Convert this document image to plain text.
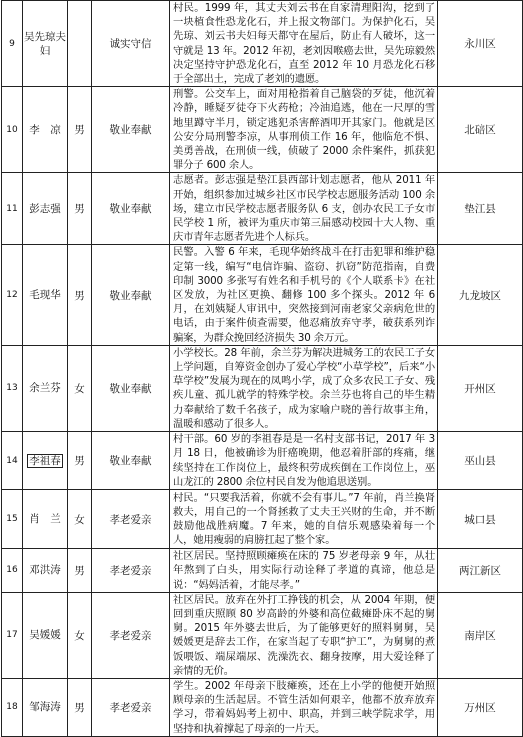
9	吴先琼夫妇		诚实守信	村民。1999 年，其丈夫刘云书在自家清理阳沟，挖到了一块植食性恐龙化石，并上报文物部门。为保护化石，吴先琼、刘云书夫妇每天都守在屋后，防止有人破坏，这一守就是 13 年。2012 年初，老刘因喉癌去世，吴先琼毅然决定坚持守护恐龙化石，直至 2012 年 10 月恐龙化石移于全部出土，完成了老刘的遗愿。	永川区
10	李　凉	男	敬业奉献	刑警。公交车上，面对用枪指着自己脑袋的歹徒，他沉着冷静，睡疑歹徒夺下火药枪；冷油追逃，他在一尺厚的雪地里蹲守半月，锁定逃犯杀害醉酒叩开其家门。他就是区公安分局刑警李凉，从事刑侦工作 16 年，他临危不惧、美勇善战，在刑侦一线，侦破了 2000 余件案件，抓获犯罪分子 600 余人。	北碚区
11	彭志强	男	敬业奉献	志愿者。彭志强是垫江县西部计划志愿者，他从 2011 年开始，组织参加过城乡社区市民学校志愿服务活动 100 余场，建立市民学校志愿者服务队 6 支，创办农民工子女市民学校 1 所，被评为重庆市第三届感动校园十大人物、重庆市青年志愿者先进个人标兵。	垫江县
12	毛现华	男	敬业奉献	民警。入警 6 年来，毛现华始终战斗在打击犯罪和维护稳定第一线，编写“电信诈骗、盗窃、扒窃”防范指南，自费印制 3000 多张写有姓名和手机号的《个人联系卡》在社区发放，为社区更换、翻修 100 多个探头。2012 年 6 月，在刘姨疑人审讯中，突然接到河南老家父亲病危世的电话，由于案件侦查需要，他忍痛放弃守孝，破获系列诈骗案，为群众挽回经济损失 30 余万元。	九龙坡区
13	余兰芬	女	敬业奉献	小学校长。28 年前，余兰芬为解决进城务工的农民工子女上学问题，自筹资金创办了爱心学校“小草学校”，后来“小草学校”发展为现在的凤鸣小学，成了众多农民工子女、残疾儿童、孤儿就学的特殊学校。余兰芬也将自己的毕生精力奉献给了数千名孩子，成为家喻户晓的善行故事主角，温暖和感动了很多人。	开州区
14	李祖春	男	敬业奉献	村干部。60 岁的李祖春是是一名村支部书记，2017 年 3 月 18 日，他被确诊为肝癌晚期，他忍着肝部的疼痛，继续坚持在工作岗位上，最终积劳成疾倒在工作岗位上，巫山龙江的 2800 余位村民自发为他追思送别。	巫山县
15	肖　兰	女	孝老爱亲	村民。“只要我活着，你就不会有事儿。”7 年前，肖兰换肾救夫，用自己的一个肾拯救了丈夫王兴财的生命，并不断鼓励他战胜病魔。7 年来，她的自信乐观感染着每一个人，她用瘦弱的肩膀扛起了整个家。	城口县
16	邓洪涛	男	孝老爱亲	社区居民。坚持照顾瘫痪在床的 75 岁老母亲 9 年，从壮年熬到了白头，用实际行动诠释了孝道的真谛，他总是说：“妈妈活着，才能尽孝。”	两江新区
17	吴媛媛	女	孝老爱亲	社区居民。放弃在外打工挣钱的机会，从 2004 年期，便回到重庆照顾 80 岁高龄的外婆和高位截瘫卧床不起的舅舅。2015 年外婆去世后，为了能够更好的照料舅舅，吴媛媛更是辞去工作，在家当起了专职“护工”，为舅舅的煮饭喂饭、端屎端尿、洗澡洗衣、翻身按摩，用大爱诠释了亲情的无价。	南岸区
18	邹海涛	男	孝老爱亲	学生。2002 年母亲下肢瘫痪，还在上小学的他便开始照顾母亲的生活起居。不管生活如何艰辛，他都不放弃放弃学习，带着妈妈考上初中、职高，并到三峡学院求学，用坚持和执着撑起了母亲的一片天。	万州区
